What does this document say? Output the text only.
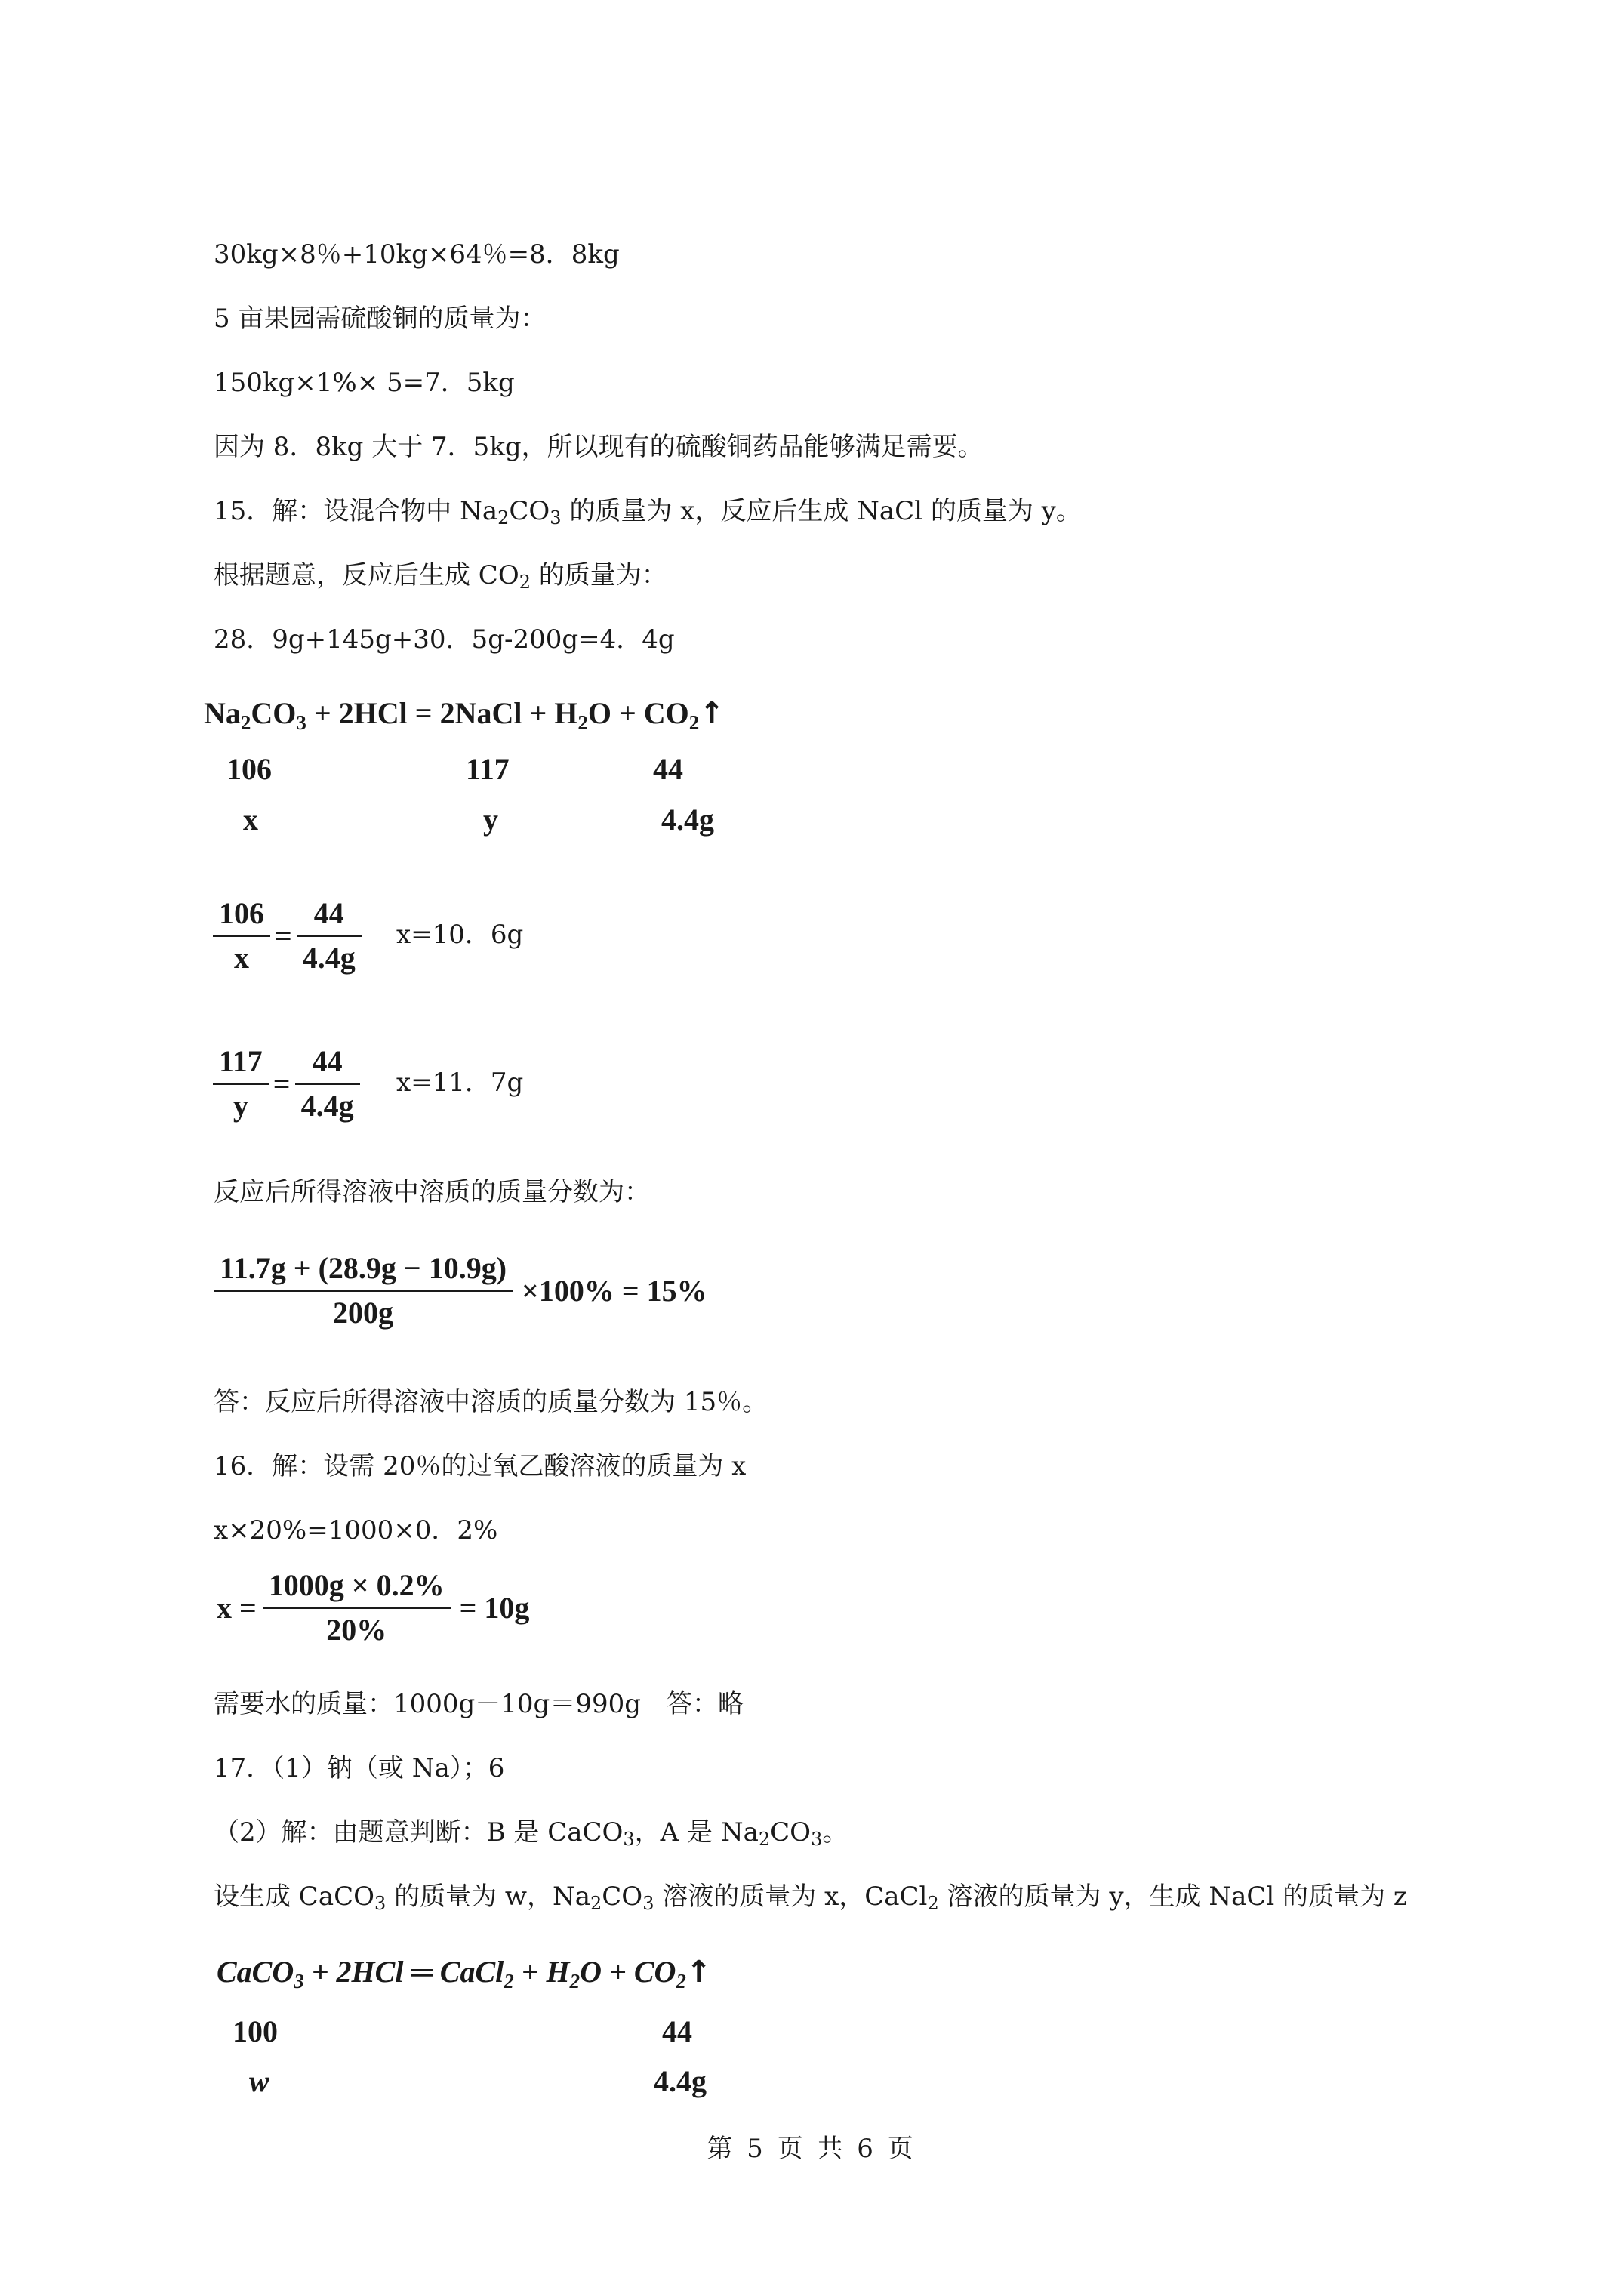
30kg×8％+10kg×64％=8．8kg
5 亩果园需硫酸铜的质量为：
150kg×1%× 5=7．5kg
因为 8．8kg 大于 7．5kg，所以现有的硫酸铜药品能够满足需要。
15．解：设混合物中 $Na_2CO_3$ 的质量为 x，反应后生成 NaCl 的质量为 y。
根据题意，反应后生成 $CO_2$ 的质量为：
28．9g+145g+30．5g-200g=4．4g
$Na_2CO_3 + 2HCl$ = 2NaCl + $H_2O$ + $CO_2↑$
106	117	44
x	y	4.4g
$\frac{106}{x} = \frac{44}{4.4g} x=10$．6g
$\frac{117}{y} = \frac{44}{4.4g} x=11$．7g
反应后所得溶液中溶质的质量分数为：
$\frac{11.7g + (28.9g - 10.9g)}{200g} \times 100\% = 15\%$
答：反应后所得溶液中溶质的质量分数为 15％。
16．解：设需 20％的过氧乙酸溶液的质量为 x
x×20%=1000×0．2%
$x = \frac{1000g \times 0.2\%}{20\%} = 10g$
需要水的质量：1000g－10g＝990g　答：略
17．（1）钠（或 Na）；6
（2）解：由题意判断：B 是 CaCO$_3$，A 是 $Na_2CO_3$。
设生成 CaCO$_3$ 的质量为 w，$Na_2CO_3$ 溶液的质量为 x，CaCl$_2$ 溶液的质量为 y，生成 NaCl 的质量为 z
CaCO$_3$ + 2HCl ═ CaCl$_2$ + $H_2O$ + $CO_2↑$
100	44
w	4.4g
第 5 页 共 6 页
